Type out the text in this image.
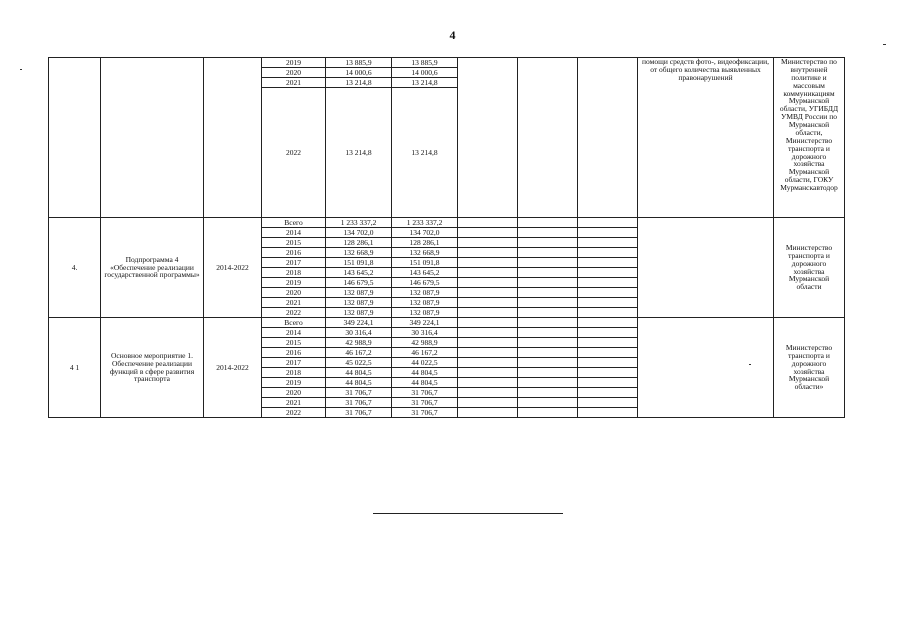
4
			2019	13 885,9	13 885,9				помощи средств фото-, видеофиксации, от общего количества выявленных правонарушений	Министерство по внутренней политике и массовым коммуникациям Мурманской области, УГИБДД УМВД России по Мурманской области, Министерство транспорта и дорожного хозяйства Мурманской области, ГОКУ Мурманскавтодор
			2020	14 000,6	14 000,6					
			2021	13 214,8	13 214,8					
			2022	13 214,8	13 214,8					
4.	Подпрограмма 4 «Обеспечение реализации государственной программы»	2014-2022	Всего	1 233 337,2	1 233 337,2					Министерство транспорта и дорожного хозяйства Мурманской области
			2014	134 702,0	134 702,0					
			2015	128 286,1	128 286,1					
			2016	132 668,9	132 668,9					
			2017	151 091,8	151 091,8					
			2018	143 645,2	143 645,2					
			2019	146 679,5	146 679,5					
			2020	132 087,9	132 087,9					
			2021	132 087,9	132 087,9					
			2022	132 087,9	132 087,9					
4 1	Основное мероприятие 1. Обеспечение реализации функций в сфере развития транспорта	2014-2022	Всего	349 224,1	349 224,1					Министерство транспорта и дорожного хозяйства Мурманской области»
			2014	30 316,4	30 316,4					
			2015	42 988,9	42 988,9					
			2016	46 167,2	46 167,2					
			2017	45 022,5	44 022,5					
			2018	44 804,5	44 804,5					
			2019	44 804,5	44 804,5					
			2020	31 706,7	31 706,7					
			2021	31 706,7	31 706,7					
			2022	31 706,7	31 706,7					
